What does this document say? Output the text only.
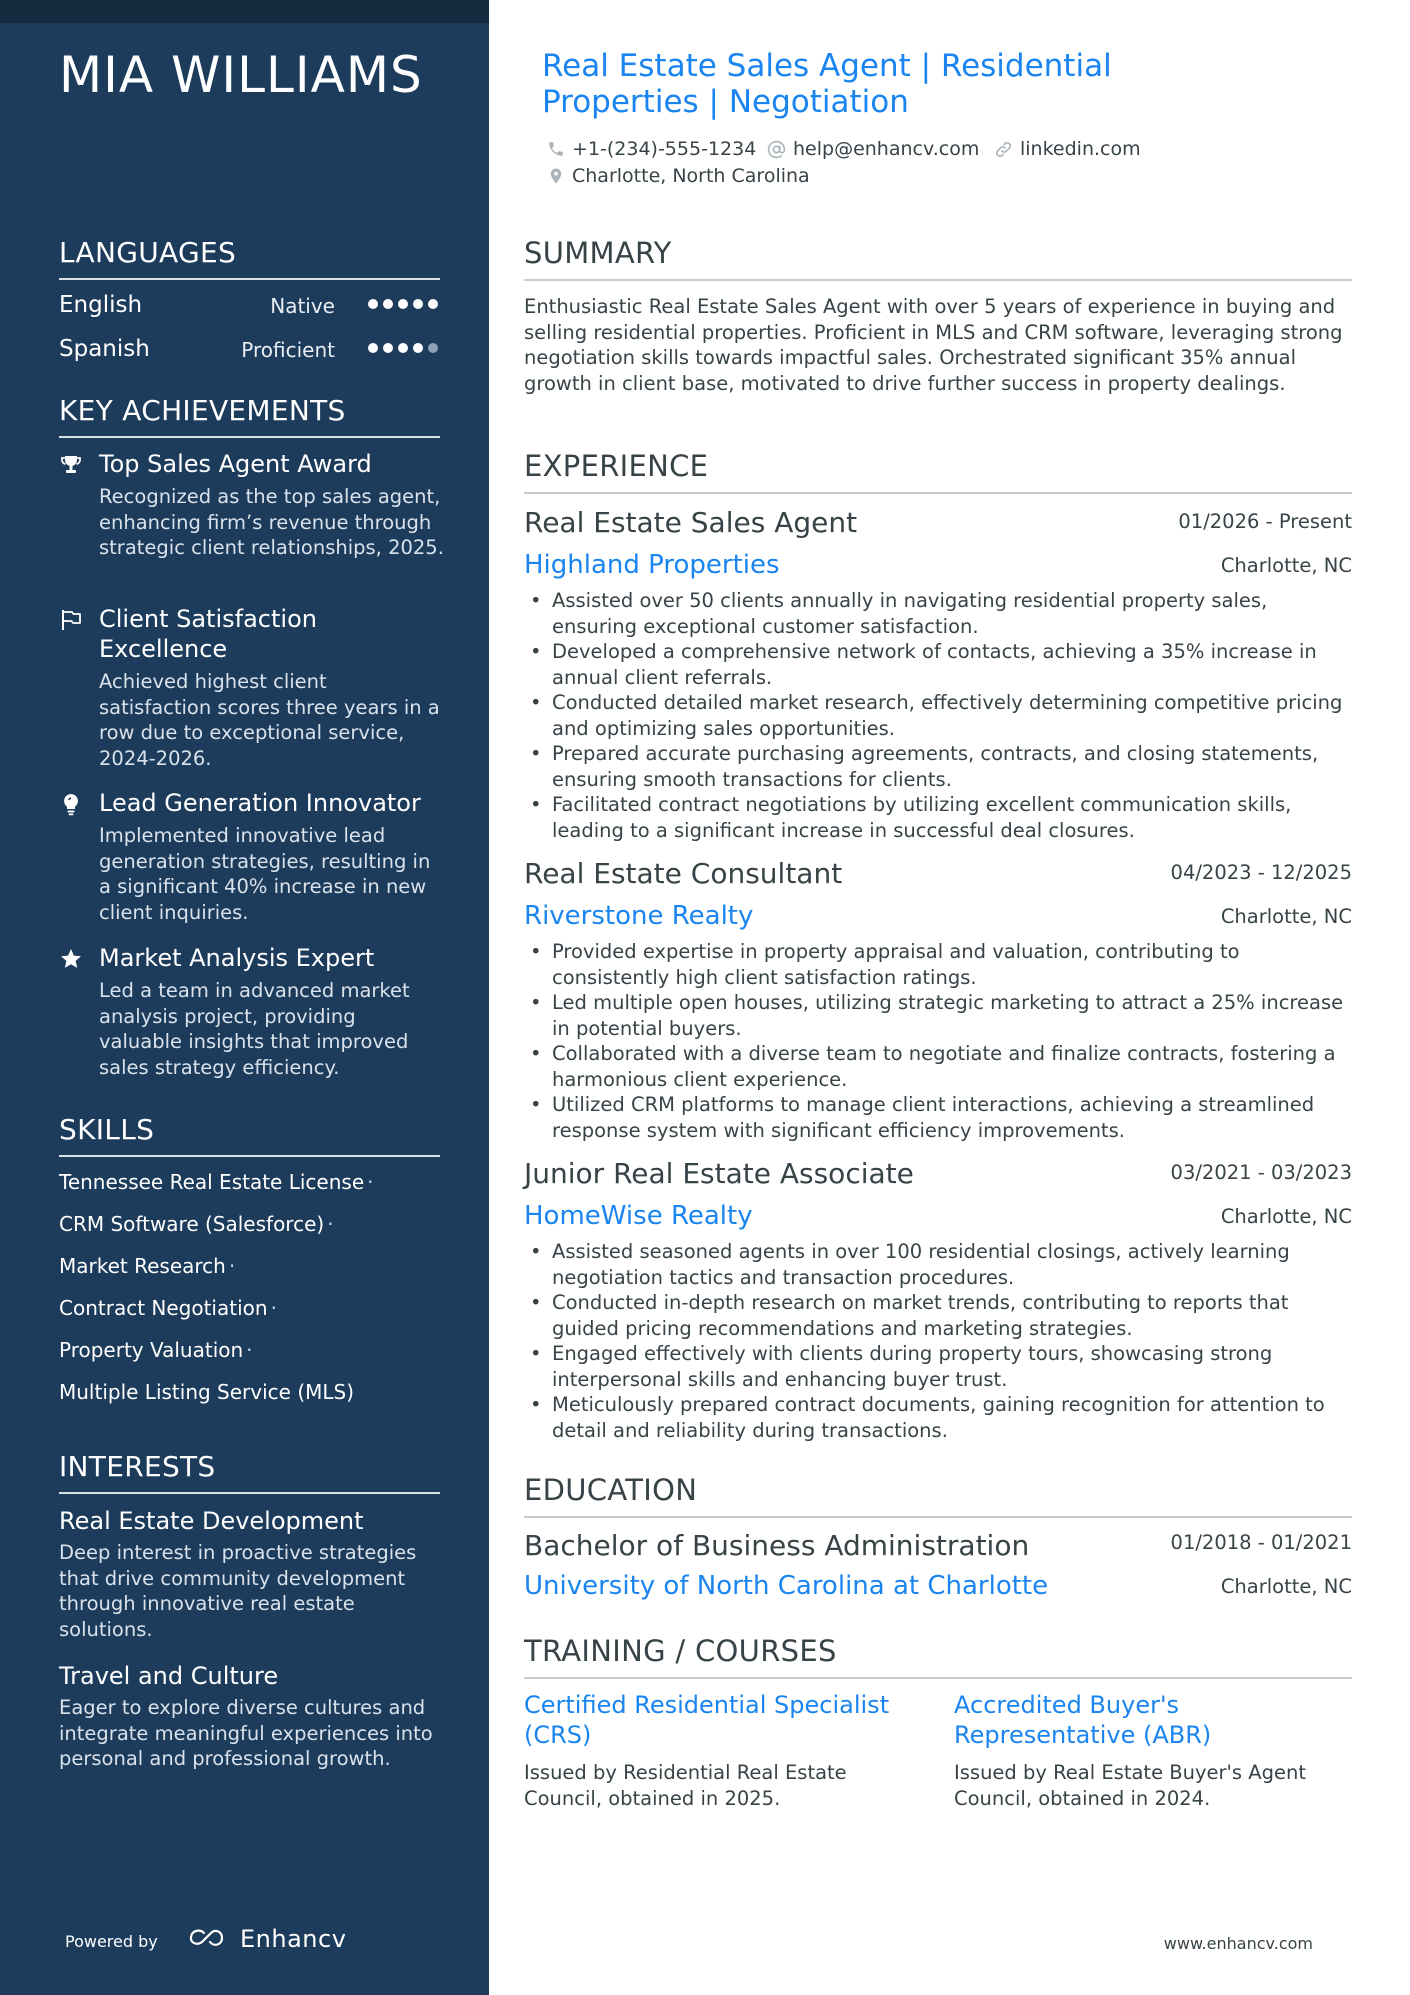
MIA WILLIAMS
LANGUAGES
English	Native
Spanish	Proficient
KEY ACHIEVEMENTS
Top Sales Agent Award
Recognized as the top sales agent, enhancing firm’s revenue through strategic client relationships, 2025.
Client Satisfaction Excellence
Achieved highest client satisfaction scores three years in a row due to exceptional service, 2024-2026.
Lead Generation Innovator
Implemented innovative lead generation strategies, resulting in a significant 40% increase in new client inquiries.
Market Analysis Expert
Led a team in advanced market analysis project, providing valuable insights that improved sales strategy efficiency.
SKILLS
Tennessee Real Estate License ·
CRM Software (Salesforce) ·
Market Research ·
Contract Negotiation ·
Property Valuation ·
Multiple Listing Service (MLS)
INTERESTS
Real Estate Development
Deep interest in proactive strategies that drive community development through innovative real estate solutions.
Travel and Culture
Eager to explore diverse cultures and integrate meaningful experiences into personal and professional growth.
Powered by	Enhancv
Real Estate Sales Agent | Residential Properties | Negotiation
+1-(234)-555-1234 help@enhancv.com linkedin.com
Charlotte, North Carolina
SUMMARY
Enthusiastic Real Estate Sales Agent with over 5 years of experience in buying and selling residential properties. Proficient in MLS and CRM software, leveraging strong negotiation skills towards impactful sales. Orchestrated significant 35% annual growth in client base, motivated to drive further success in property dealings.
EXPERIENCE
Real Estate Sales Agent	01/2026 - Present
Highland Properties	Charlotte, NC
• Assisted over 50 clients annually in navigating residential property sales, ensuring exceptional customer satisfaction.
• Developed a comprehensive network of contacts, achieving a 35% increase in annual client referrals.
• Conducted detailed market research, effectively determining competitive pricing and optimizing sales opportunities.
• Prepared accurate purchasing agreements, contracts, and closing statements, ensuring smooth transactions for clients.
• Facilitated contract negotiations by utilizing excellent communication skills, leading to a significant increase in successful deal closures.
Real Estate Consultant	04/2023 - 12/2025
Riverstone Realty	Charlotte, NC
• Provided expertise in property appraisal and valuation, contributing to consistently high client satisfaction ratings.
• Led multiple open houses, utilizing strategic marketing to attract a 25% increase in potential buyers.
• Collaborated with a diverse team to negotiate and finalize contracts, fostering a harmonious client experience.
• Utilized CRM platforms to manage client interactions, achieving a streamlined response system with significant efficiency improvements.
Junior Real Estate Associate	03/2021 - 03/2023
HomeWise Realty	Charlotte, NC
• Assisted seasoned agents in over 100 residential closings, actively learning negotiation tactics and transaction procedures.
• Conducted in-depth research on market trends, contributing to reports that guided pricing recommendations and marketing strategies.
• Engaged effectively with clients during property tours, showcasing strong interpersonal skills and enhancing buyer trust.
• Meticulously prepared contract documents, gaining recognition for attention to detail and reliability during transactions.
EDUCATION
Bachelor of Business Administration	01/2018 - 01/2021
University of North Carolina at Charlotte	Charlotte, NC
TRAINING / COURSES
Certified Residential Specialist (CRS)
Issued by Residential Real Estate Council, obtained in 2025.
Accredited Buyer's Representative (ABR)
Issued by Real Estate Buyer's Agent Council, obtained in 2024.
www.enhancv.com
